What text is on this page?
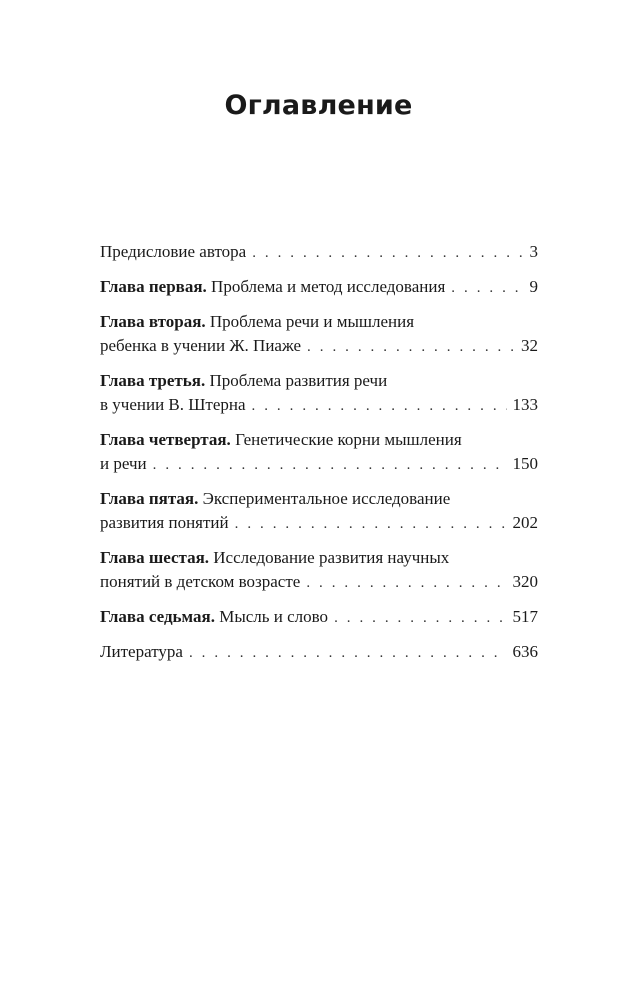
Оглавление
Предисловие автора . . .	3
Глава первая. Проблема и метод исследования . . .	9
Глава вторая. Проблема речи и мышления
ребенка в учении Ж. Пиаже . . .	32
Глава третья. Проблема развития речи
в учении В. Штерна . . .	133
Глава четвертая. Генетические корни мышления
и речи . . .	150
Глава пятая. Экспериментальное исследование
развития понятий . . .	202
Глава шестая. Исследование развития научных
понятий в детском возрасте . . .	320
Глава седьмая. Мысль и слово . . .	517
Литература . . .	636
